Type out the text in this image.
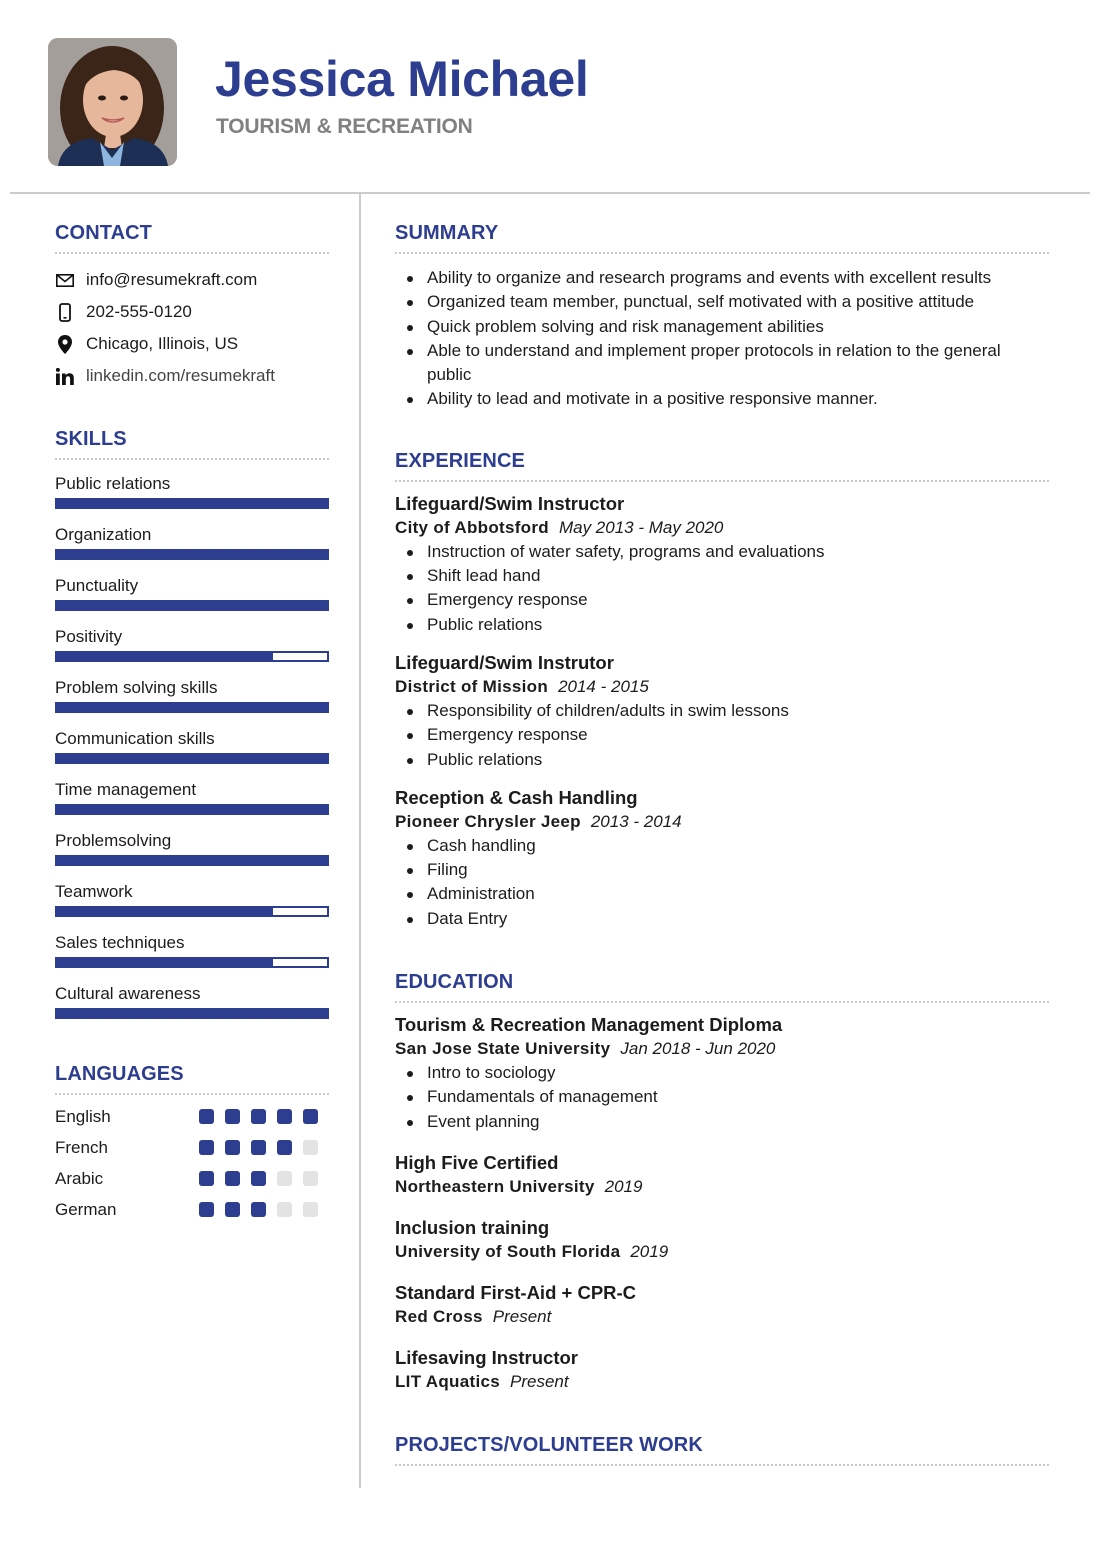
Jessica Michael
TOURISM & RECREATION
CONTACT
info@resumekraft.com
202-555-0120
Chicago, Illinois, US
linkedin.com/resumekraft
SKILLS
Public relations
Organization
Punctuality
Positivity
Problem solving skills
Communication skills
Time management
Problemsolving
Teamwork
Sales techniques
Cultural awareness
LANGUAGES
English
French
Arabic
German
SUMMARY
Ability to organize and research programs and events with excellent results
Organized team member, punctual, self motivated with a positive attitude
Quick problem solving and risk management abilities
Able to understand and implement proper protocols in relation to the general public
Ability to lead and motivate in a positive responsive manner.
EXPERIENCE
Lifeguard/Swim Instructor
City of Abbotsford May 2013 - May 2020
Instruction of water safety, programs and evaluations
Shift lead hand
Emergency response
Public relations
Lifeguard/Swim Instrutor
District of Mission 2014 - 2015
Responsibility of children/adults in swim lessons
Emergency response
Public relations
Reception & Cash Handling
Pioneer Chrysler Jeep 2013 - 2014
Cash handling
Filing
Administration
Data Entry
EDUCATION
Tourism & Recreation Management Diploma
San Jose State University Jan 2018 - Jun 2020
Intro to sociology
Fundamentals of management
Event planning
High Five Certified
Northeastern University 2019
Inclusion training
University of South Florida 2019
Standard First-Aid + CPR-C
Red Cross Present
Lifesaving Instructor
LIT Aquatics Present
PROJECTS/VOLUNTEER WORK
